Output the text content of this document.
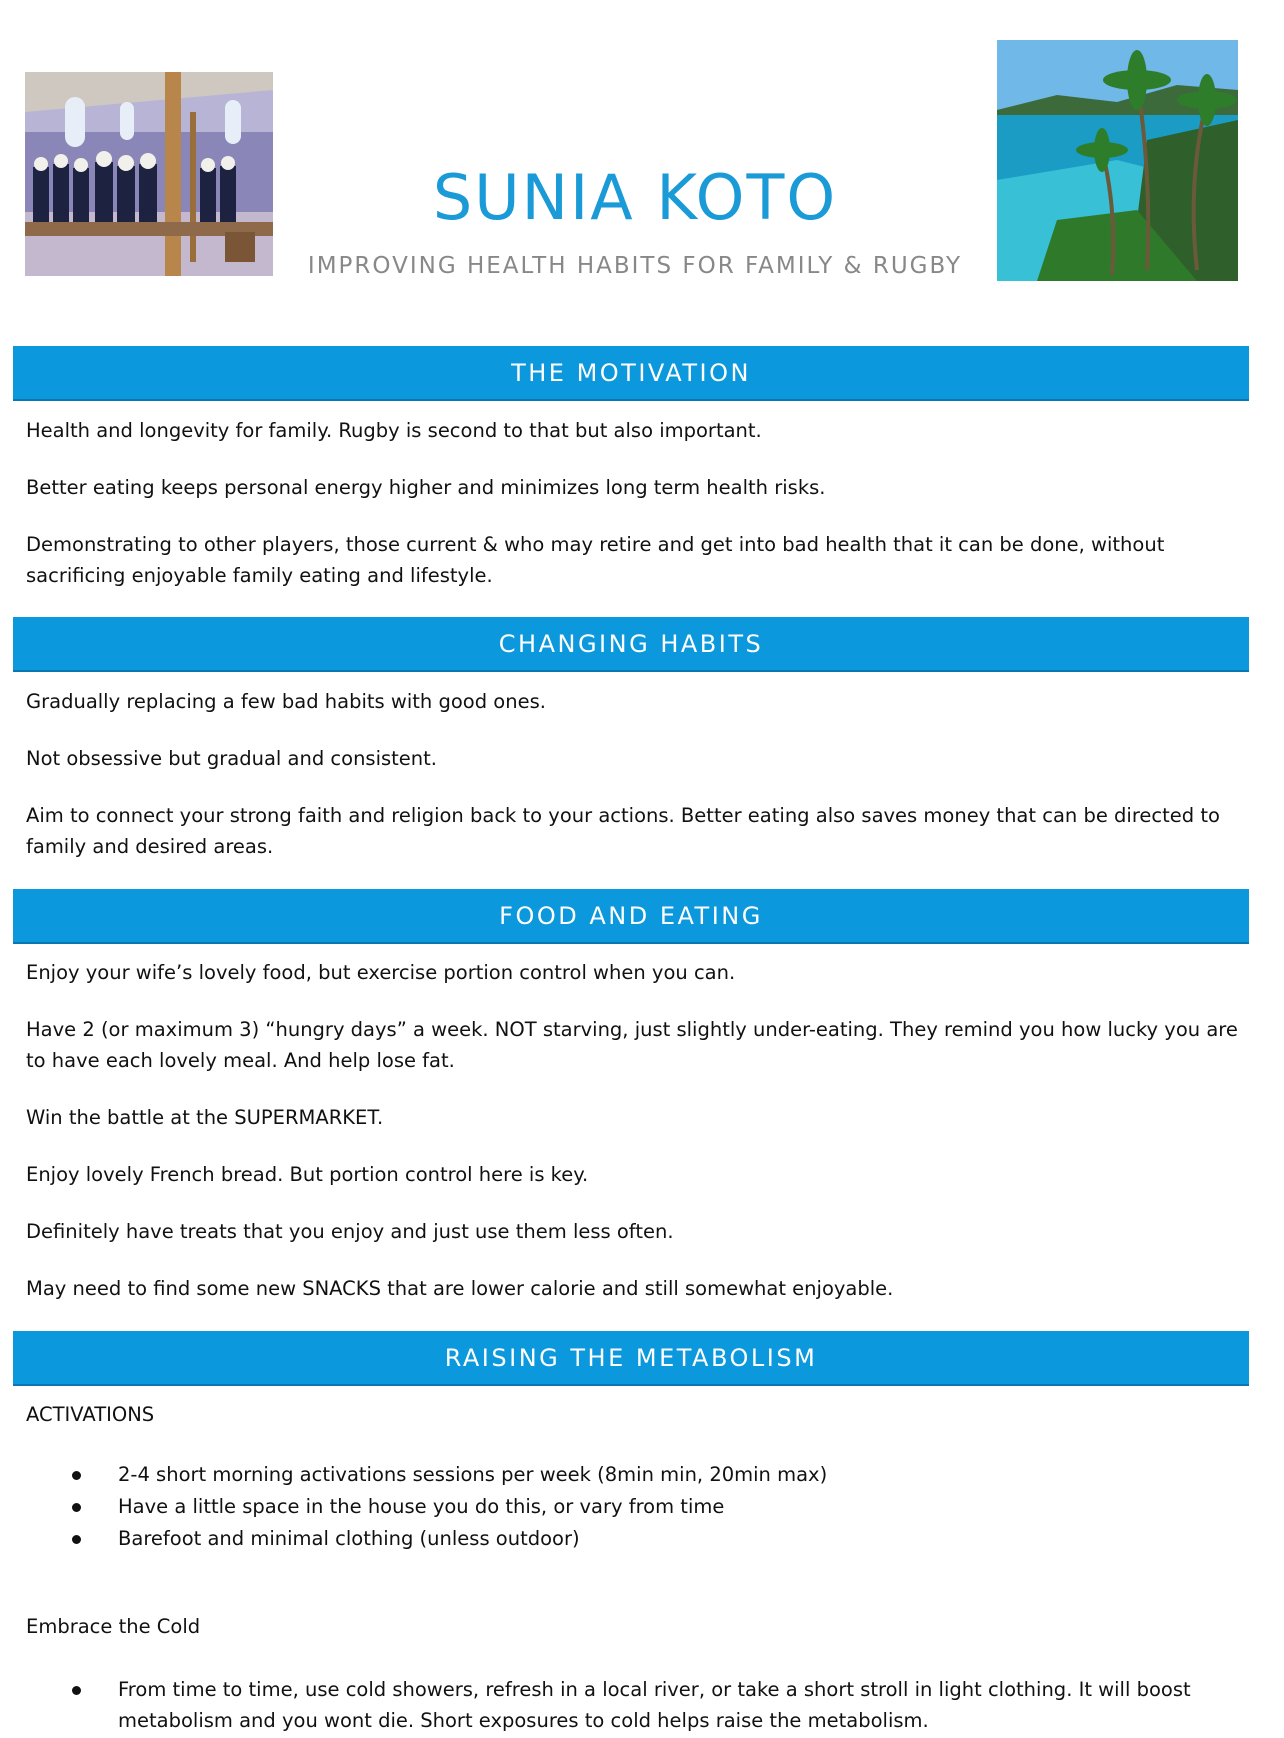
SUNIA KOTO
IMPROVING HEALTH HABITS FOR FAMILY & RUGBY
THE MOTIVATION

Health and longevity for family. Rugby is second to that but also important.

Better eating keeps personal energy higher and minimizes long term health risks.

Demonstrating to other players, those current & who may retire and get into bad health that it can be done, without sacrificing enjoyable family eating and lifestyle.

CHANGING HABITS

Gradually replacing a few bad habits with good ones.

Not obsessive but gradual and consistent.

Aim to connect your strong faith and religion back to your actions. Better eating also saves money that can be directed to family and desired areas.

FOOD AND EATING

Enjoy your wife’s lovely food, but exercise portion control when you can.

Have 2 (or maximum 3) “hungry days” a week. NOT starving, just slightly under-eating. They remind you how lucky you are to have each lovely meal. And help lose fat.

Win the battle at the SUPERMARKET.

Enjoy lovely French bread. But portion control here is key.

Definitely have treats that you enjoy and just use them less often.

May need to find some new SNACKS that are lower calorie and still somewhat enjoyable.

RAISING THE METABOLISM

ACTIVATIONS

2-4 short morning activations sessions per week (8min min, 20min max)
Have a little space in the house you do this, or vary from time
Barefoot and minimal clothing (unless outdoor)

Embrace the Cold

From time to time, use cold showers, refresh in a local river, or take a short stroll in light clothing. It will boost metabolism and you wont die. Short exposures to cold helps raise the metabolism.
